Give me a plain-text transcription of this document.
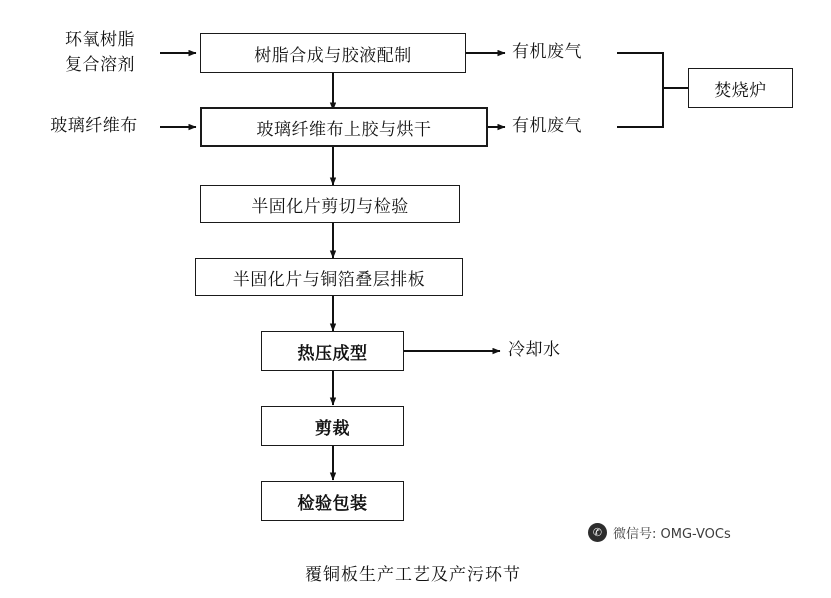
环氧树脂
复合溶剂
玻璃纤维布
树脂合成与胶液配制
玻璃纤维布上胶与烘干
半固化片剪切与检验
半固化片与铜箔叠层排板
热压成型
剪裁
检验包装
有机废气
有机废气
冷却水
焚烧炉
覆铜板生产工艺及产污环节
✆ 微信号: OMG-VOCs
